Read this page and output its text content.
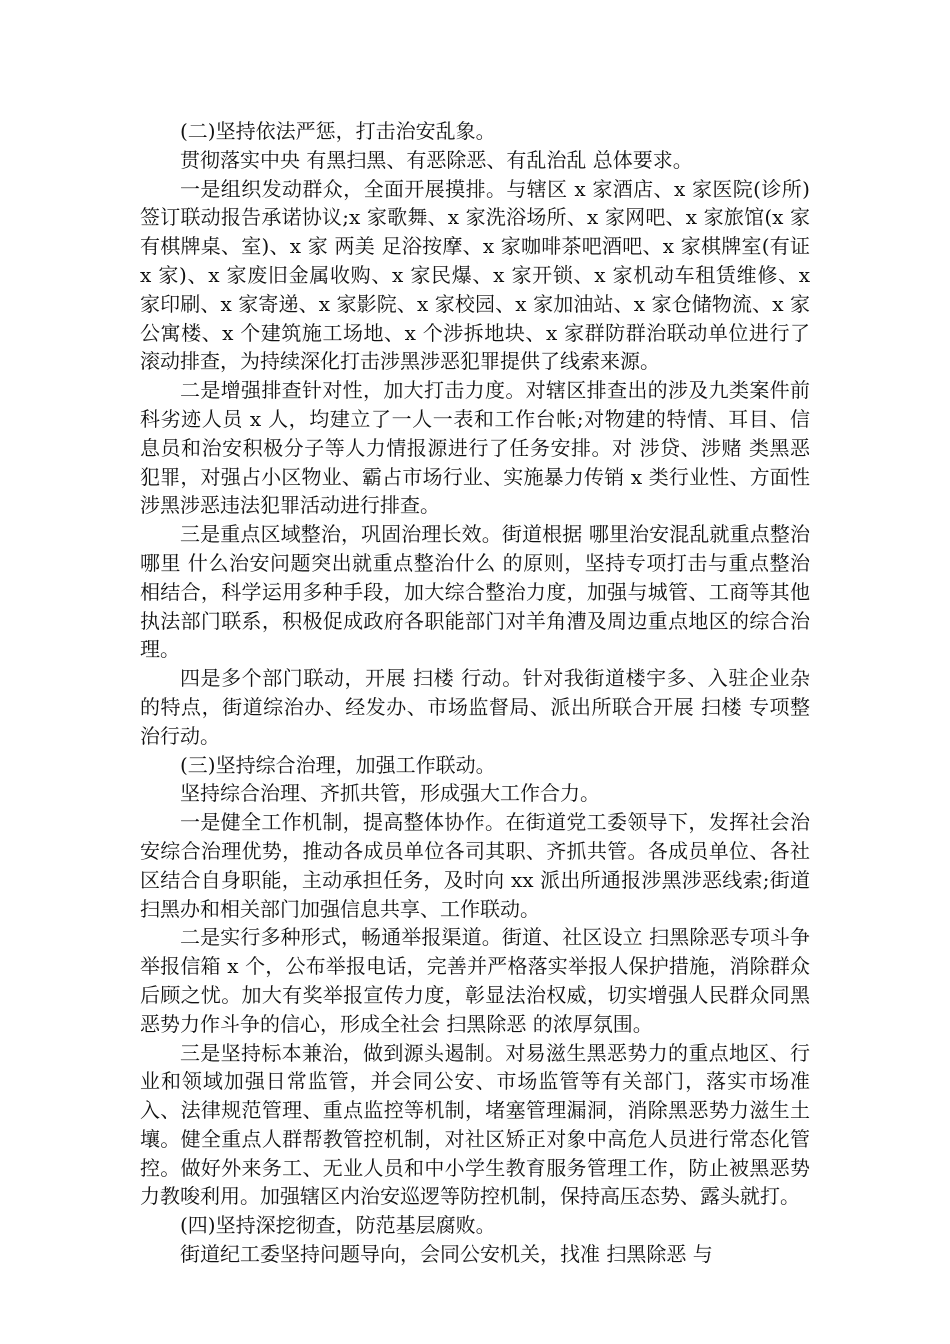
(二)坚持依法严惩，打击治安乱象。

贯彻落实中央 有黑扫黑、有恶除恶、有乱治乱 总体要求。

一是组织发动群众，全面开展摸排。与辖区 x 家酒店、x 家医院(诊所)签订联动报告承诺协议;x 家歌舞、x 家洗浴场所、x 家网吧、x 家旅馆(x 家有棋牌桌、室)、x 家 两美 足浴按摩、x 家咖啡茶吧酒吧、x 家棋牌室(有证 x 家)、x 家废旧金属收购、x 家民爆、x 家开锁、x 家机动车租赁维修、x 家印刷、x 家寄递、x 家影院、x 家校园、x 家加油站、x 家仓储物流、x 家公寓楼、x 个建筑施工场地、x 个涉拆地块、x 家群防群治联动单位进行了滚动排查，为持续深化打击涉黑涉恶犯罪提供了线索来源。

二是增强排查针对性，加大打击力度。对辖区排查出的涉及九类案件前科劣迹人员 x 人，均建立了一人一表和工作台帐;对物建的特情、耳目、信息员和治安积极分子等人力情报源进行了任务安排。对 涉贷、涉赌 类黑恶犯罪，对强占小区物业、霸占市场行业、实施暴力传销 x 类行业性、方面性涉黑涉恶违法犯罪活动进行排查。

三是重点区域整治，巩固治理长效。街道根据 哪里治安混乱就重点整治哪里 什么治安问题突出就重点整治什么 的原则，坚持专项打击与重点整治相结合，科学运用多种手段，加大综合整治力度，加强与城管、工商等其他执法部门联系，积极促成政府各职能部门对羊角漕及周边重点地区的综合治理。

四是多个部门联动，开展 扫楼 行动。针对我街道楼宇多、入驻企业杂的特点，街道综治办、经发办、市场监督局、派出所联合开展 扫楼 专项整治行动。

(三)坚持综合治理，加强工作联动。

坚持综合治理、齐抓共管，形成强大工作合力。

一是健全工作机制，提高整体协作。在街道党工委领导下，发挥社会治安综合治理优势，推动各成员单位各司其职、齐抓共管。各成员单位、各社区结合自身职能，主动承担任务，及时向 xx 派出所通报涉黑涉恶线索;街道扫黑办和相关部门加强信息共享、工作联动。

二是实行多种形式，畅通举报渠道。街道、社区设立 扫黑除恶专项斗争举报信箱 x 个，公布举报电话，完善并严格落实举报人保护措施，消除群众后顾之忧。加大有奖举报宣传力度，彰显法治权威，切实增强人民群众同黑恶势力作斗争的信心，形成全社会 扫黑除恶 的浓厚氛围。

三是坚持标本兼治，做到源头遏制。对易滋生黑恶势力的重点地区、行业和领域加强日常监管，并会同公安、市场监管等有关部门，落实市场准入、法律规范管理、重点监控等机制，堵塞管理漏洞，消除黑恶势力滋生土壤。健全重点人群帮教管控机制，对社区矫正对象中高危人员进行常态化管控。做好外来务工、无业人员和中小学生教育服务管理工作，防止被黑恶势力教唆利用。加强辖区内治安巡逻等防控机制，保持高压态势、露头就打。

(四)坚持深挖彻查，防范基层腐败。

街道纪工委坚持问题导向，会同公安机关，找准 扫黑除恶 与
